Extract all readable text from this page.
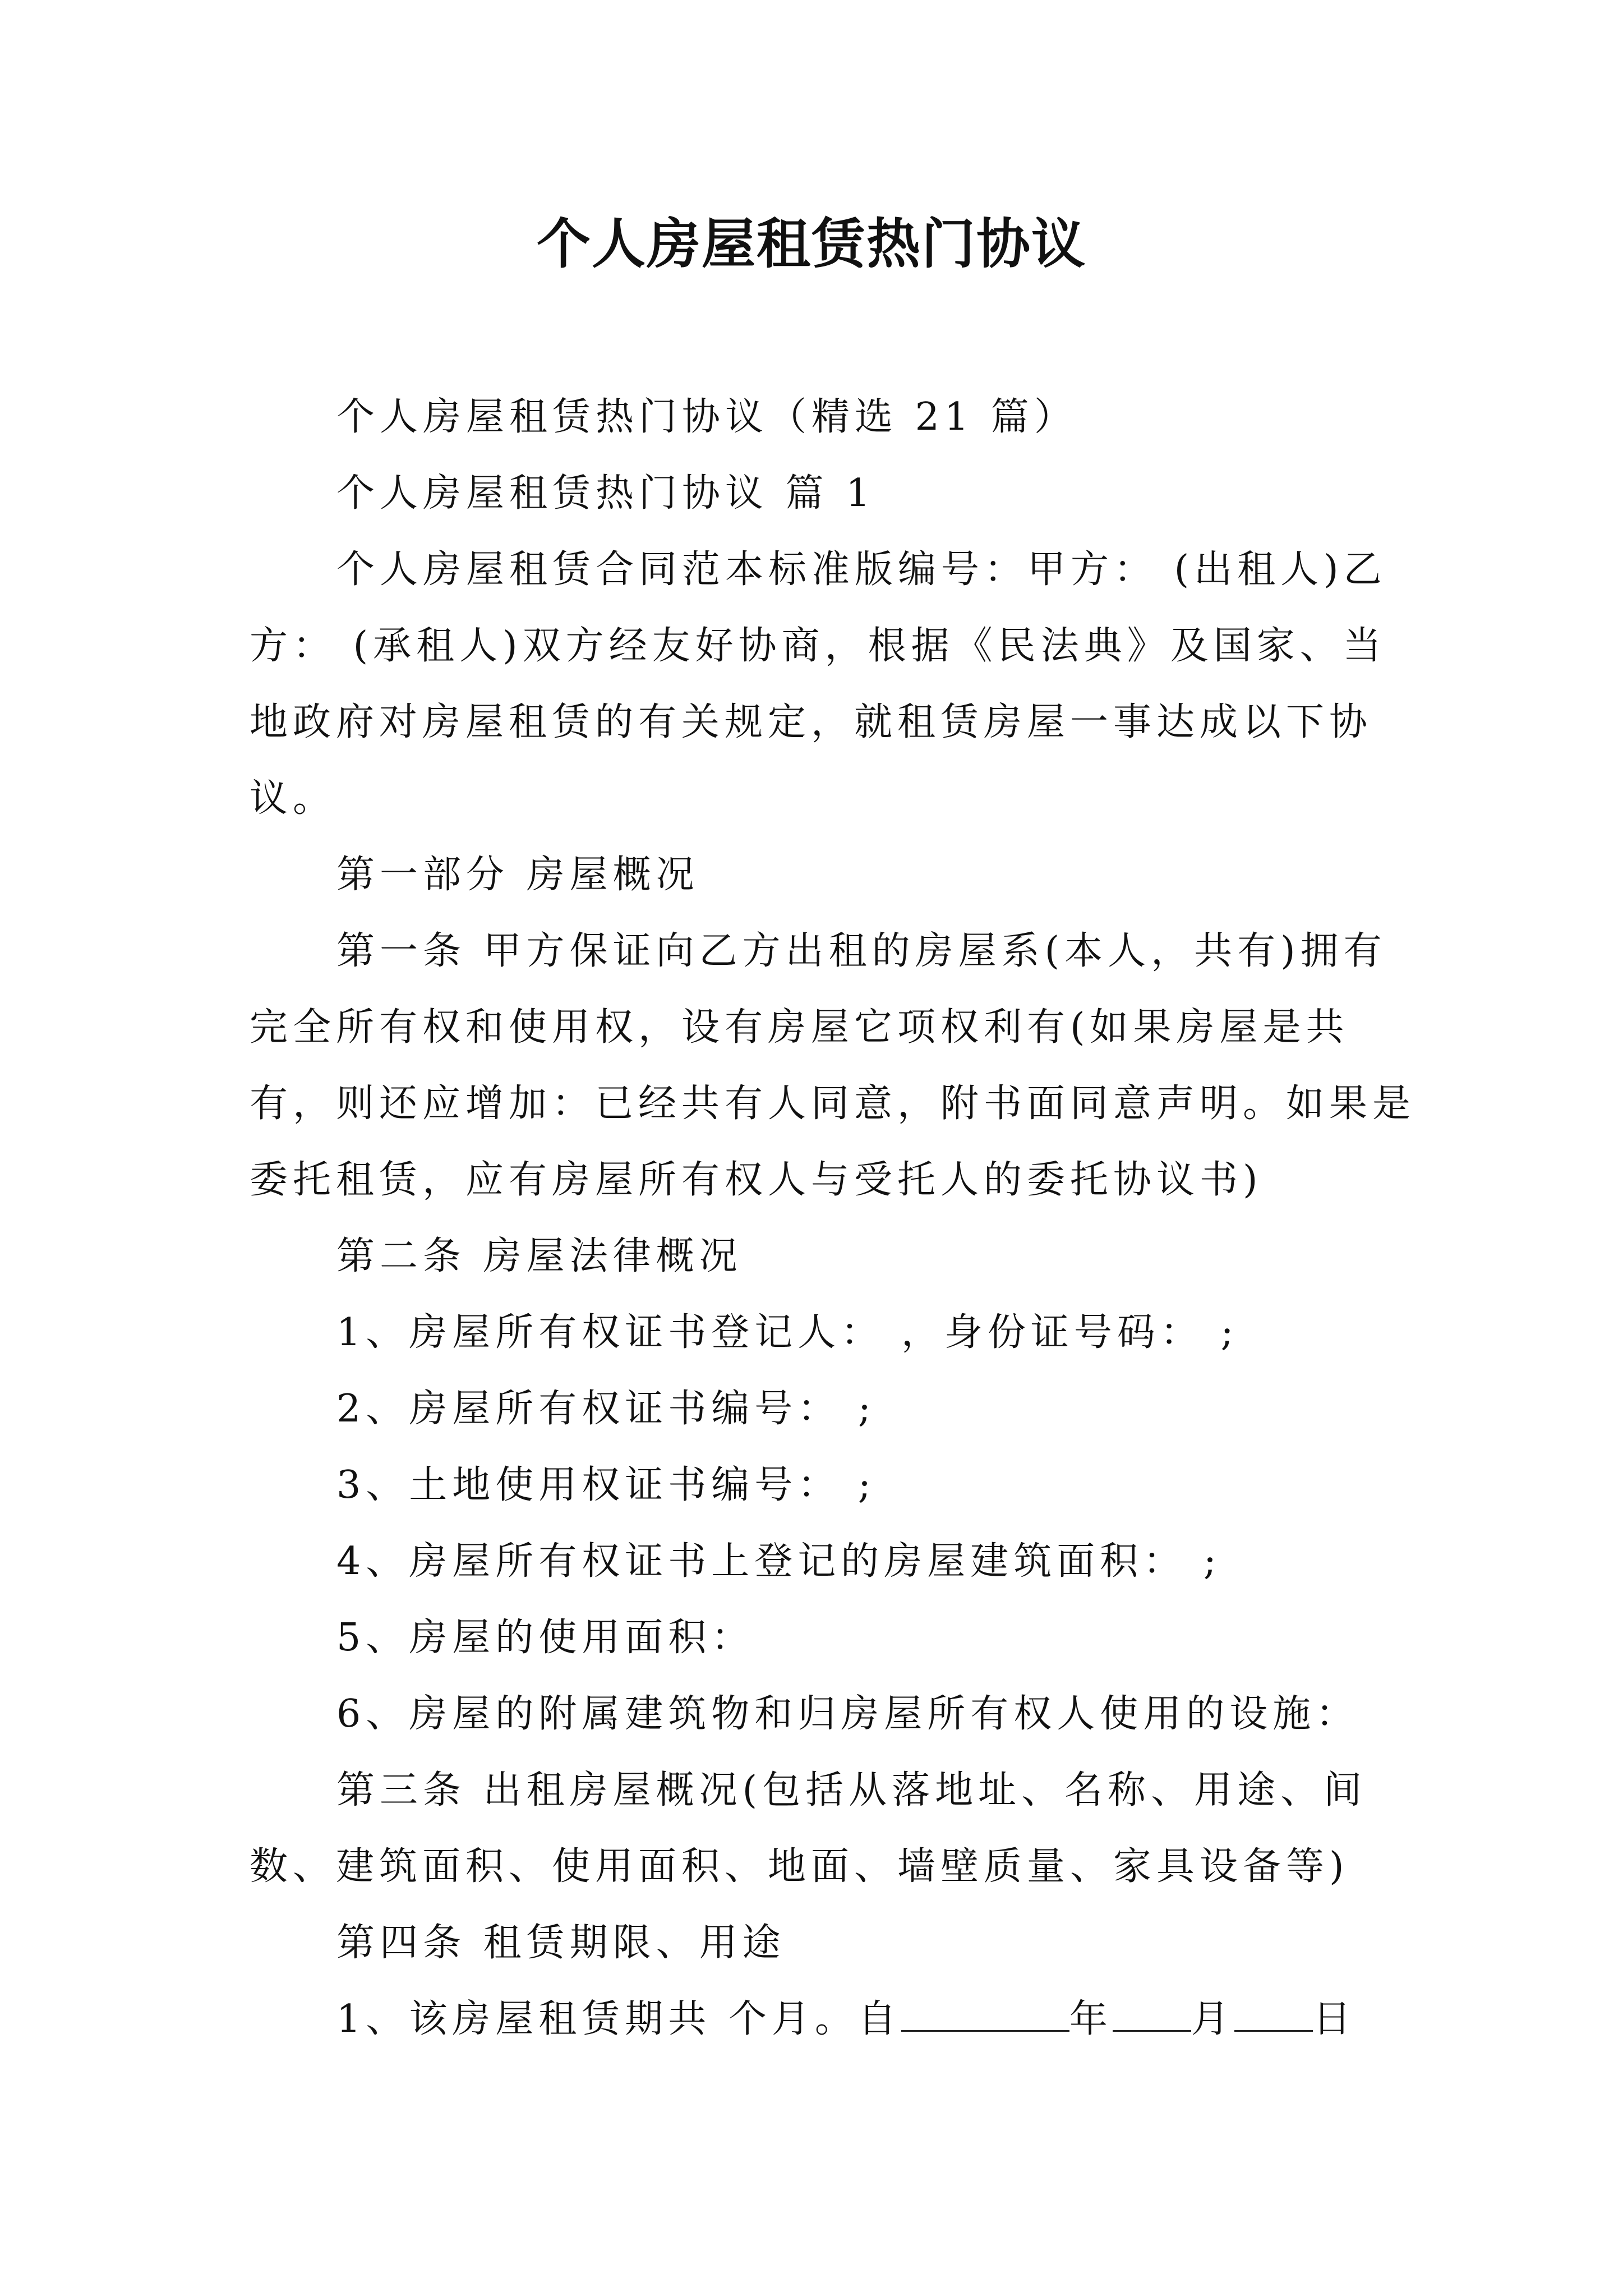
个人房屋租赁热门协议

个人房屋租赁热门协议（精选 21 篇）

个人房屋租赁热门协议 篇 1

个人房屋租赁合同范本标准版编号：甲方： (出租人)乙方： (承租人)双方经友好协商，根据《民法典》及国家、当地政府对房屋租赁的有关规定，就租赁房屋一事达成以下协议。

第一部分 房屋概况

第一条 甲方保证向乙方出租的房屋系(本人，共有)拥有完全所有权和使用权，设有房屋它项权利有(如果房屋是共有，则还应增加：已经共有人同意，附书面同意声明。如果是委托租赁，应有房屋所有权人与受托人的委托协议书)

第二条 房屋法律概况

1、房屋所有权证书登记人： ，身份证号码： ;

2、房屋所有权证书编号： ;

3、土地使用权证书编号： ;

4、房屋所有权证书上登记的房屋建筑面积： ;

5、房屋的使用面积：

6、房屋的附属建筑物和归房屋所有权人使用的设施：

第三条 出租房屋概况(包括从落地址、名称、用途、间数、建筑面积、使用面积、地面、墙壁质量、家具设备等)

第四条 租赁期限、用途

1、该房屋租赁期共 个月。自	年 月 日
